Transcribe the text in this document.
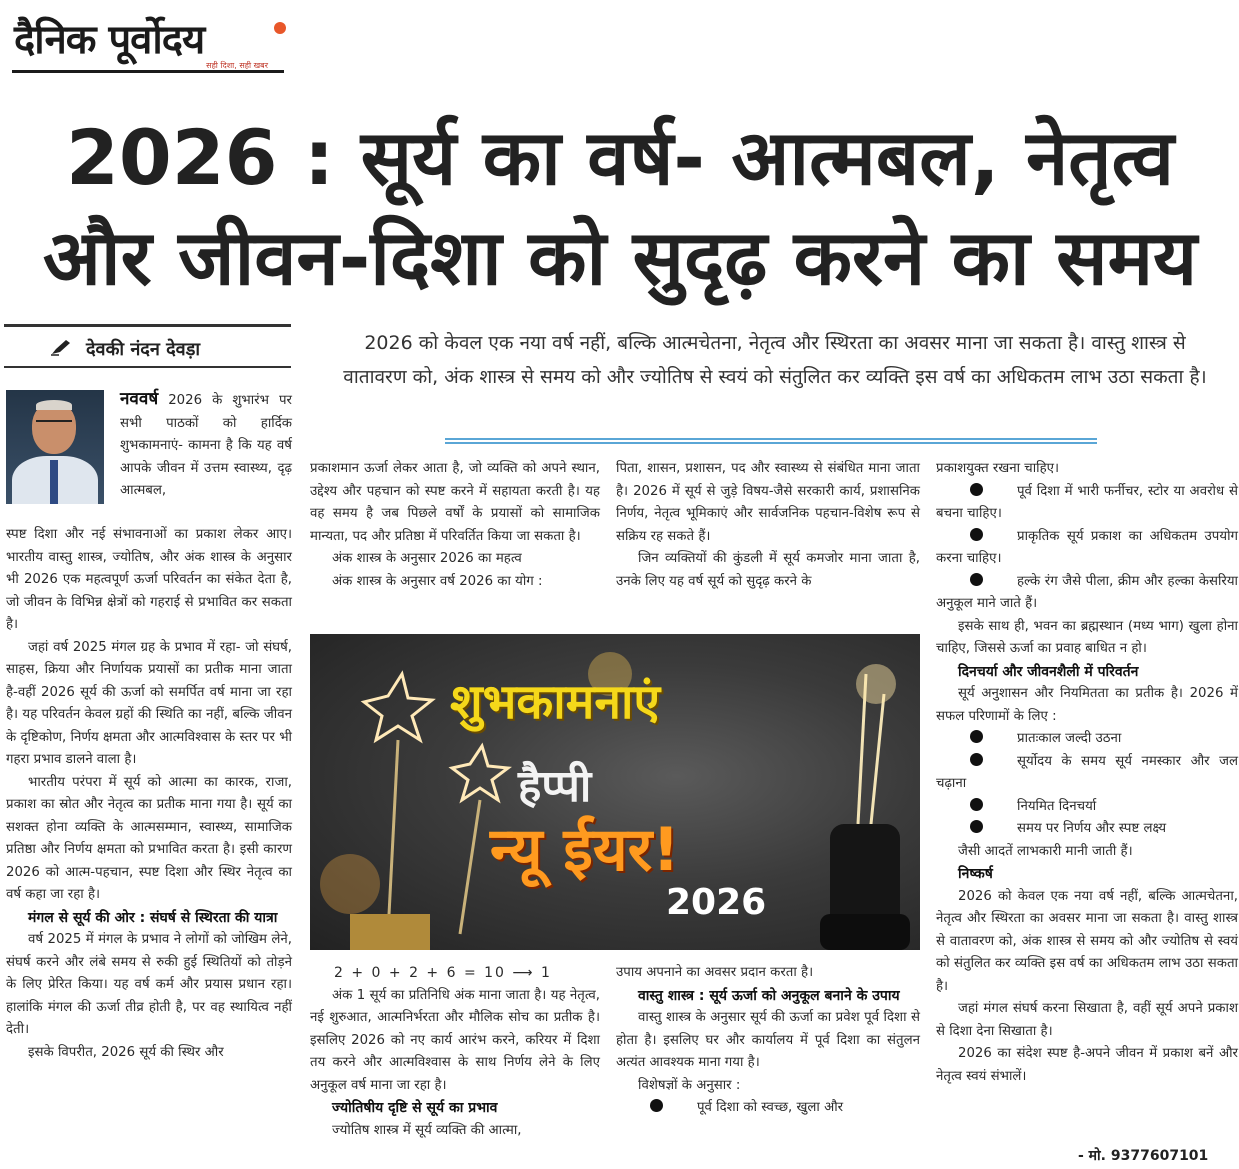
दैनिक पूर्वोदय
सही दिशा, सही खबर
2026 : सूर्य का वर्ष- आत्मबल, नेतृत्व
और जीवन-दिशा को सुदृढ़ करने का समय
देवकी नंदन देवड़ा	2026 को केवल एक नया वर्ष नहीं, बल्कि आत्मचेतना, नेतृत्व और स्थिरता का अवसर माना जा सकता है। वास्तु शास्त्र से वातावरण को, अंक शास्त्र से समय को और ज्योतिष से स्वयं को संतुलित कर व्यक्ति इस वर्ष का अधिकतम लाभ उठा सकता है।

नववर्ष 2026 के शुभारंभ पर सभी पाठकों को हार्दिक शुभकामनाएं- कामना है कि यह वर्ष आपके जीवन में उत्तम स्वास्थ्य, दृढ़ आत्मबल,

स्पष्ट दिशा और नई संभावनाओं का प्रकाश लेकर आए। भारतीय वास्तु शास्त्र, ज्योतिष, और अंक शास्त्र के अनुसार भी 2026 एक महत्वपूर्ण ऊर्जा परिवर्तन का संकेत देता है, जो जीवन के विभिन्न क्षेत्रों को गहराई से प्रभावित कर सकता है।

जहां वर्ष 2025 मंगल ग्रह के प्रभाव में रहा- जो संघर्ष, साहस, क्रिया और निर्णायक प्रयासों का प्रतीक माना जाता है-वहीं 2026 सूर्य की ऊर्जा को समर्पित वर्ष माना जा रहा है। यह परिवर्तन केवल ग्रहों की स्थिति का नहीं, बल्कि जीवन के दृष्टिकोण, निर्णय क्षमता और आत्मविश्वास के स्तर पर भी गहरा प्रभाव डालने वाला है।

भारतीय परंपरा में सूर्य को आत्मा का कारक, राजा, प्रकाश का स्रोत और नेतृत्व का प्रतीक माना गया है। सूर्य का सशक्त होना व्यक्ति के आत्मसम्मान, स्वास्थ्य, सामाजिक प्रतिष्ठा और निर्णय क्षमता को प्रभावित करता है। इसी कारण 2026 को आत्म-पहचान, स्पष्ट दिशा और स्थिर नेतृत्व का वर्ष कहा जा रहा है।

मंगल से सूर्य की ओर : संघर्ष से स्थिरता की यात्रा

वर्ष 2025 में मंगल के प्रभाव ने लोगों को जोखिम लेने, संघर्ष करने और लंबे समय से रुकी हुई स्थितियों को तोड़ने के लिए प्रेरित किया। यह वर्ष कर्म और प्रयास प्रधान रहा। हालांकि मंगल की ऊर्जा तीव्र होती है, पर वह स्थायित्व नहीं देती।

इसके विपरीत, 2026 सूर्य की स्थिर और

प्रकाशमान ऊर्जा लेकर आता है, जो व्यक्ति को अपने स्थान, उद्देश्य और पहचान को स्पष्ट करने में सहायता करती है। यह वह समय है जब पिछले वर्षों के प्रयासों को सामाजिक मान्यता, पद और प्रतिष्ठा में परिवर्तित किया जा सकता है।

अंक शास्त्र के अनुसार 2026 का महत्व

अंक शास्त्र के अनुसार वर्ष 2026 का योग :

पिता, शासन, प्रशासन, पद और स्वास्थ्य से संबंधित माना जाता है। 2026 में सूर्य से जुड़े विषय-जैसे सरकारी कार्य, प्रशासनिक निर्णय, नेतृत्व भूमिकाएं और सार्वजनिक पहचान-विशेष रूप से सक्रिय रह सकते हैं।

जिन व्यक्तियों की कुंडली में सूर्य कमजोर माना जाता है, उनके लिए यह वर्ष सूर्य को सुदृढ़ करने के

शुभकामनाएं
हैप्पी
न्यू ईयर!
2026

2 + 0 + 2 + 6 = 10 ⟶ 1

अंक 1 सूर्य का प्रतिनिधि अंक माना जाता है। यह नेतृत्व, नई शुरुआत, आत्मनिर्भरता और मौलिक सोच का प्रतीक है। इसलिए 2026 को नए कार्य आरंभ करने, करियर में दिशा तय करने और आत्मविश्वास के साथ निर्णय लेने के लिए अनुकूल वर्ष माना जा रहा है।

ज्योतिषीय दृष्टि से सूर्य का प्रभाव

ज्योतिष शास्त्र में सूर्य व्यक्ति की आत्मा,

उपाय अपनाने का अवसर प्रदान करता है।

वास्तु शास्त्र : सूर्य ऊर्जा को अनुकूल बनाने के उपाय

वास्तु शास्त्र के अनुसार सूर्य की ऊर्जा का प्रवेश पूर्व दिशा से होता है। इसलिए घर और कार्यालय में पूर्व दिशा का संतुलन अत्यंत आवश्यक माना गया है।

विशेषज्ञों के अनुसार :

पूर्व दिशा को स्वच्छ, खुला और

प्रकाशयुक्त रखना चाहिए।

पूर्व दिशा में भारी फर्नीचर, स्टोर या अवरोध से बचना चाहिए।

प्राकृतिक सूर्य प्रकाश का अधिकतम उपयोग करना चाहिए।

हल्के रंग जैसे पीला, क्रीम और हल्का केसरिया अनुकूल माने जाते हैं।

इसके साथ ही, भवन का ब्रह्मस्थान (मध्य भाग) खुला होना चाहिए, जिससे ऊर्जा का प्रवाह बाधित न हो।

दिनचर्या और जीवनशैली में परिवर्तन

सूर्य अनुशासन और नियमितता का प्रतीक है। 2026 में सफल परिणामों के लिए :

प्रातःकाल जल्दी उठना

सूर्योदय के समय सूर्य नमस्कार और जल चढ़ाना

नियमित दिनचर्या

समय पर निर्णय और स्पष्ट लक्ष्य

जैसी आदतें लाभकारी मानी जाती हैं।

निष्कर्ष

2026 को केवल एक नया वर्ष नहीं, बल्कि आत्मचेतना, नेतृत्व और स्थिरता का अवसर माना जा सकता है। वास्तु शास्त्र से वातावरण को, अंक शास्त्र से समय को और ज्योतिष से स्वयं को संतुलित कर व्यक्ति इस वर्ष का अधिकतम लाभ उठा सकता है।

जहां मंगल संघर्ष करना सिखाता है, वहीं सूर्य अपने प्रकाश से दिशा देना सिखाता है।

2026 का संदेश स्पष्ट है-अपने जीवन में प्रकाश बनें और नेतृत्व स्वयं संभालें।

- मो. 9377607101
